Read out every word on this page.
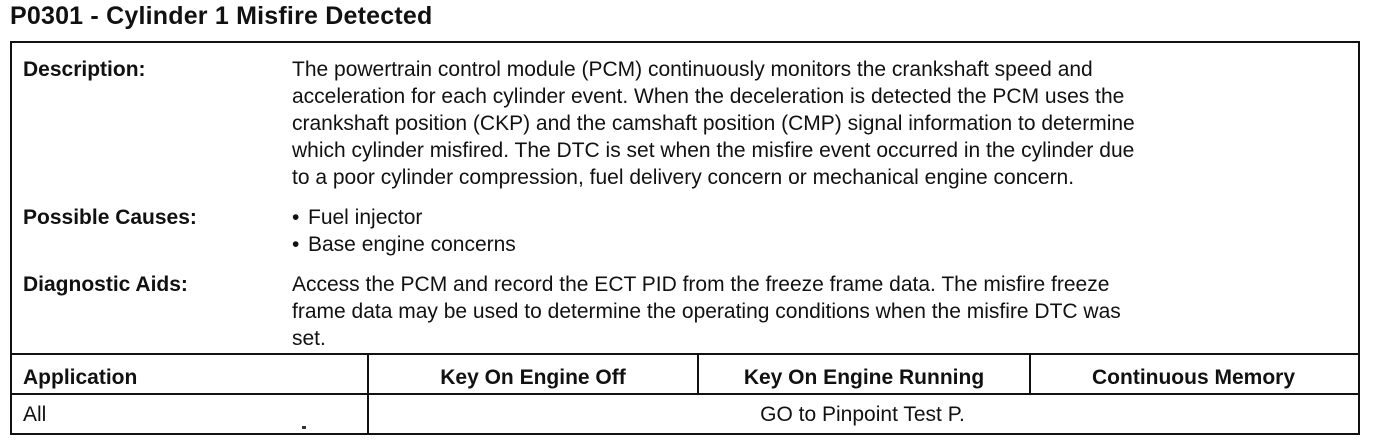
P0301 - Cylinder 1 Misfire Detected
Description:	The powertrain control module (PCM) continuously monitors the crankshaft speed and
acceleration for each cylinder event. When the deceleration is detected the PCM uses the
crankshaft position (CKP) and the camshaft position (CMP) signal information to determine
which cylinder misfired. The DTC is set when the misfire event occurred in the cylinder due
to a poor cylinder compression, fuel delivery concern or mechanical engine concern.
Possible Causes:	• Fuel injector
• Base engine concerns
Diagnostic Aids:	Access the PCM and record the ECT PID from the freeze frame data. The misfire freeze
frame data may be used to determine the operating conditions when the misfire DTC was
set.
Application	Key On Engine Off	Key On Engine Running	Continuous Memory
All	GO to Pinpoint Test P.
